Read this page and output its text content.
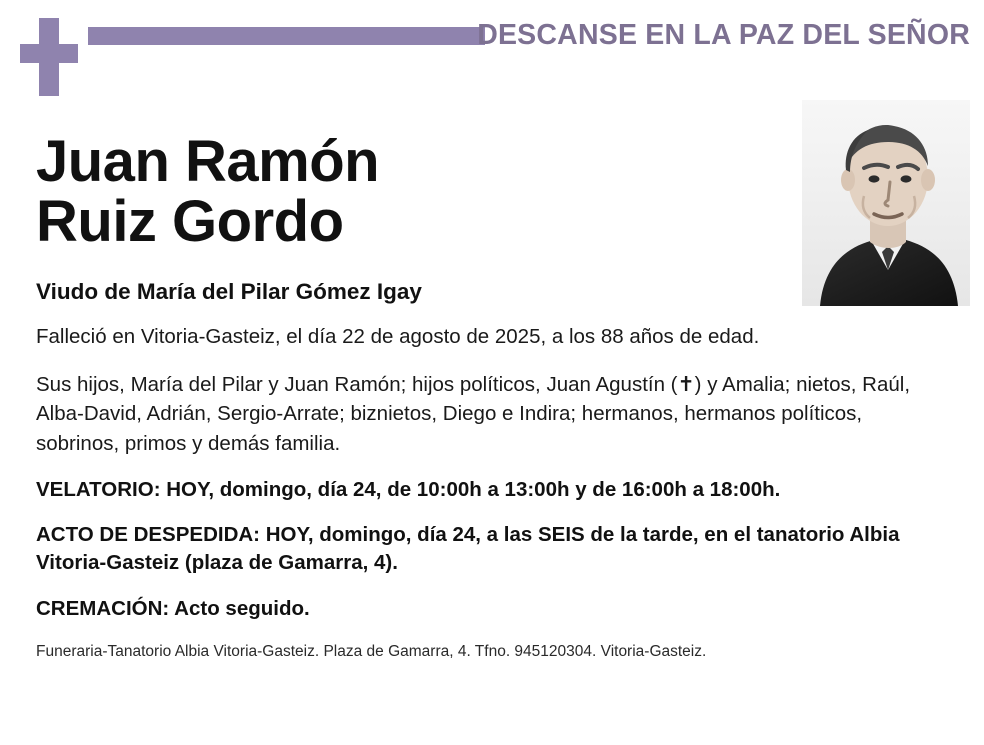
DESCANSE EN LA PAZ DEL SEÑOR
Juan Ramón
Ruiz Gordo

Viudo de María del Pilar Gómez Igay

Falleció en Vitoria-Gasteiz, el día 22 de agosto de 2025, a los 88 años de edad.

Sus hijos, María del Pilar y Juan Ramón; hijos políticos, Juan Agustín (✝) y Amalia; nietos, Raúl, Alba-David, Adrián, Sergio-Arrate; biznietos, Diego e Indira; hermanos, hermanos políticos, sobrinos, primos y demás familia.

VELATORIO: HOY, domingo, día 24, de 10:00h a 13:00h y de 16:00h a 18:00h.

ACTO DE DESPEDIDA: HOY, domingo, día 24, a las SEIS de la tarde, en el tanatorio Albia Vitoria-Gasteiz (plaza de Gamarra, 4).

CREMACIÓN: Acto seguido.

Funeraria-Tanatorio Albia Vitoria-Gasteiz. Plaza de Gamarra, 4. Tfno. 945120304. Vitoria-Gasteiz.
